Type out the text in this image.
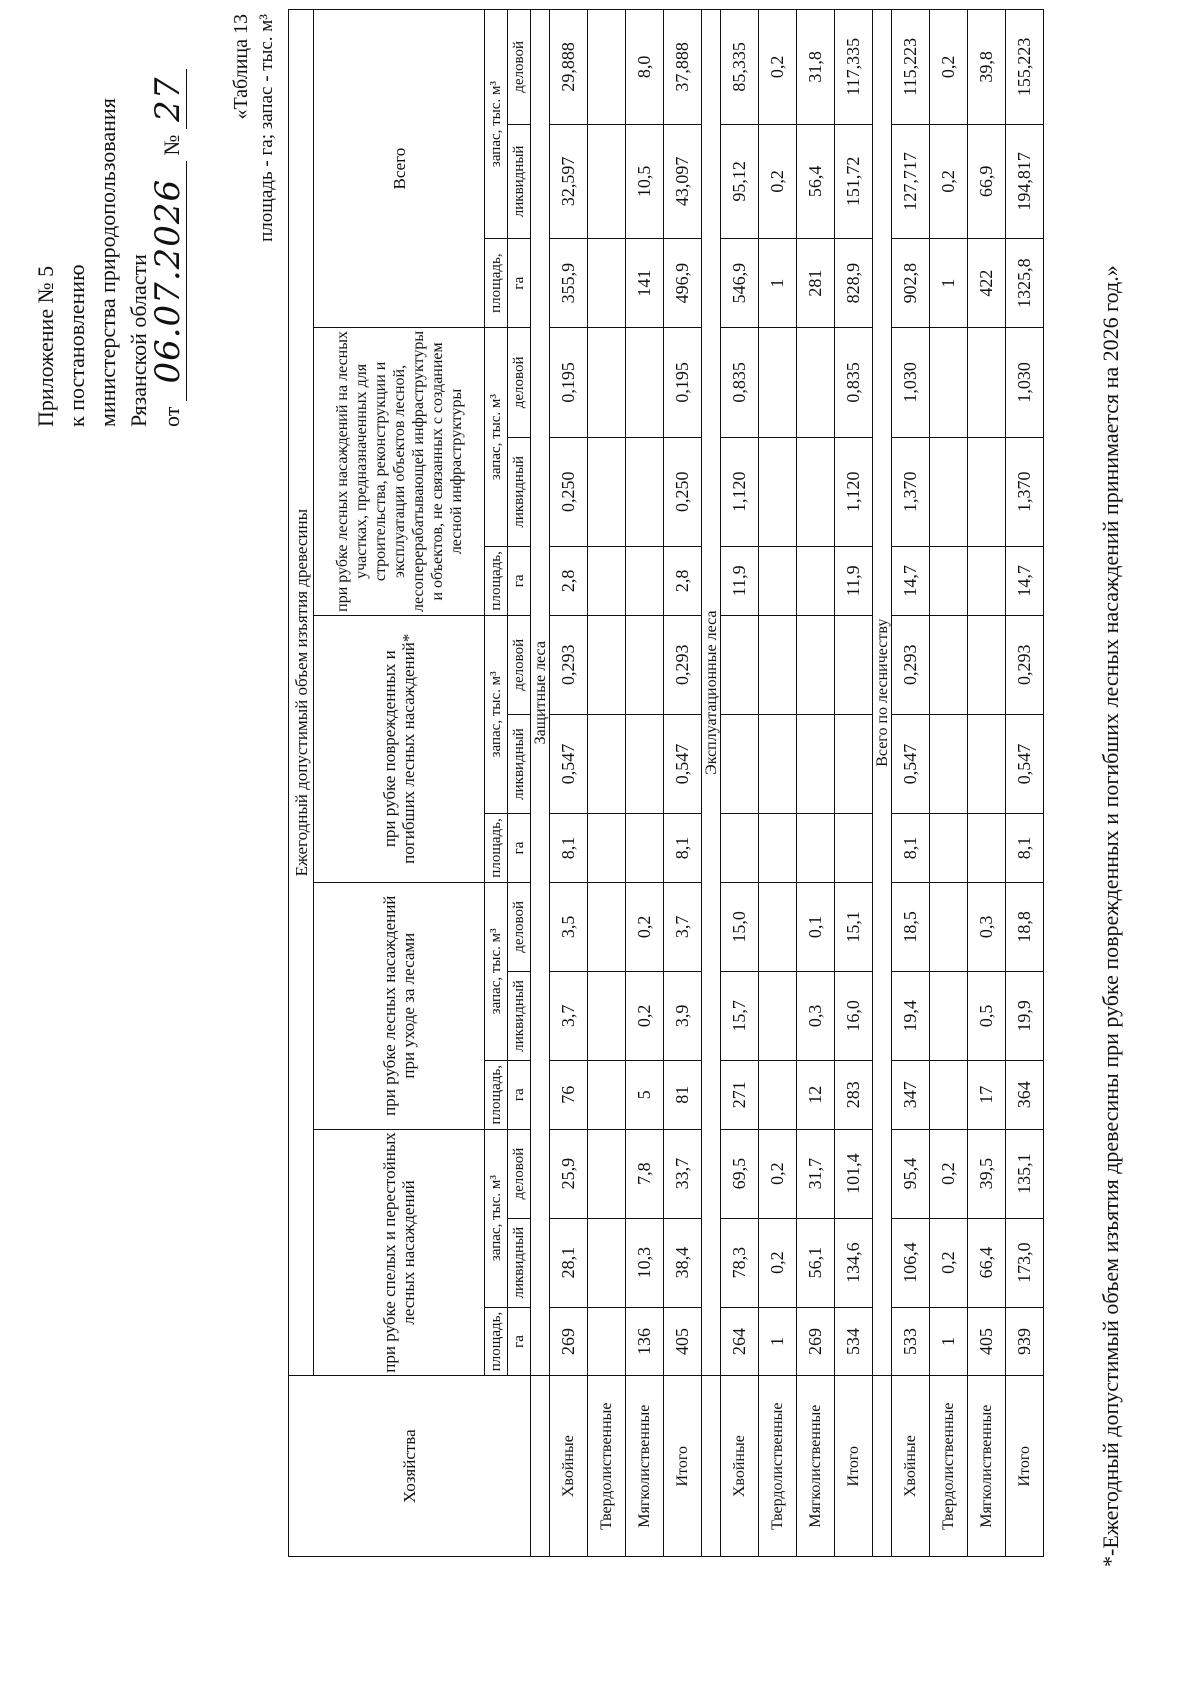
Приложение № 5 к постановлению министерства природопользования Рязанской области от 06.07.2026 № 27 «Таблица 13 площадь - га; запас - тыс. м³
Хозяйства	Ежегодный допустимый объем изъятия древесины														
	при рубке спелых и перестойных лесных насаждений			при рубке лесных насаждений при уходе за лесами			при рубке поврежденных и погибших лесных насаждений*			при рубке лесных насаждений на лесных участках, предназначенных для строительства, реконструкции и эксплуатации объектов лесной, лесоперерабатывающей инфраструктуры и объектов, не связанных с созданием лесной инфраструктуры			Всего		
	площадь,	запас, тыс. м³		площадь,	запас, тыс. м³		площадь,	запас, тыс. м³		площадь,	запас, тыс. м³		площадь,	запас, тыс. м³	
	га	ликвидный	деловой	га	ликвидный	деловой	га	ликвидный	деловой	га	ликвидный	деловой	га	ликвидный	деловой
	Защитные леса														
Хвойные	269	28,1	25,9	76	3,7	3,5	8,1	0,547	0,293	2,8	0,250	0,195	355,9	32,597	29,888
Твердолиственные															
Мягколиственные	136	10,3	7,8	5	0,2	0,2							141	10,5	8,0
Итого	405	38,4	33,7	81	3,9	3,7	8,1	0,547	0,293	2,8	0,250	0,195	496,9	43,097	37,888
	Эксплуатационные леса														
Хвойные	264	78,3	69,5	271	15,7	15,0				11,9	1,120	0,835	546,9	95,12	85,335
Твердолиственные	1	0,2	0,2										1	0,2	0,2
Мягколиственные	269	56,1	31,7	12	0,3	0,1							281	56,4	31,8
Итого	534	134,6	101,4	283	16,0	15,1				11,9	1,120	0,835	828,9	151,72	117,335
	Всего по лесничеству														
Хвойные	533	106,4	95,4	347	19,4	18,5	8,1	0,547	0,293	14,7	1,370	1,030	902,8	127,717	115,223
Твердолиственные	1	0,2	0,2										1	0,2	0,2
Мягколиственные	405	66,4	39,5	17	0,5	0,3							422	66,9	39,8
Итого	939	173,0	135,1	364	19,9	18,8	8,1	0,547	0,293	14,7	1,370	1,030	1325,8	194,817	155,223
*-Ежегодный допустимый объем изъятия древесины при рубке поврежденных и погибших лесных насаждений принимается на 2026 год.»
